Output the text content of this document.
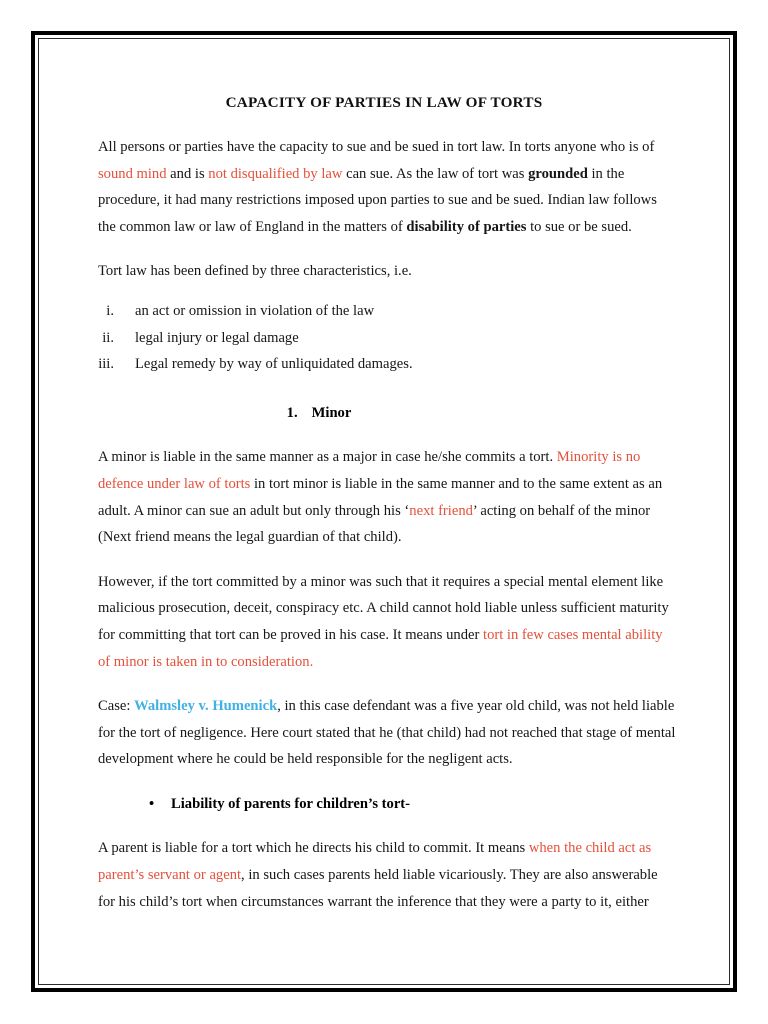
CAPACITY OF PARTIES IN LAW OF TORTS

All persons or parties have the capacity to sue and be sued in tort law. In torts anyone who is of sound mind and is not disqualified by law can sue. As the law of tort was grounded in the procedure, it had many restrictions imposed upon parties to sue and be sued. Indian law follows the common law or law of England in the matters of disability of parties to sue or be sued.

Tort law has been defined by three characteristics, i.e.

i.	an act or omission in violation of the law
ii.	legal injury or legal damage
iii.	Legal remedy by way of unliquidated damages.
1. Minor

A minor is liable in the same manner as a major in case he/she commits a tort. Minority is no defence under law of torts in tort minor is liable in the same manner and to the same extent as an adult. A minor can sue an adult but only through his ‘next friend’ acting on behalf of the minor (Next friend means the legal guardian of that child).

However, if the tort committed by a minor was such that it requires a special mental element like malicious prosecution, deceit, conspiracy etc. A child cannot hold liable unless sufficient maturity for committing that tort can be proved in his case. It means under tort in few cases mental ability of minor is taken in to consideration.

Case: Walmsley v. Humenick, in this case defendant was a five year old child, was not held liable for the tort of negligence. Here court stated that he (that child) had not reached that stage of mental development where he could be held responsible for the negligent acts.

•	Liability of parents for children’s tort-

A parent is liable for a tort which he directs his child to commit. It means when the child act as parent’s servant or agent, in such cases parents held liable vicariously. They are also answerable for his child’s tort when circumstances warrant the inference that they were a party to it, either
